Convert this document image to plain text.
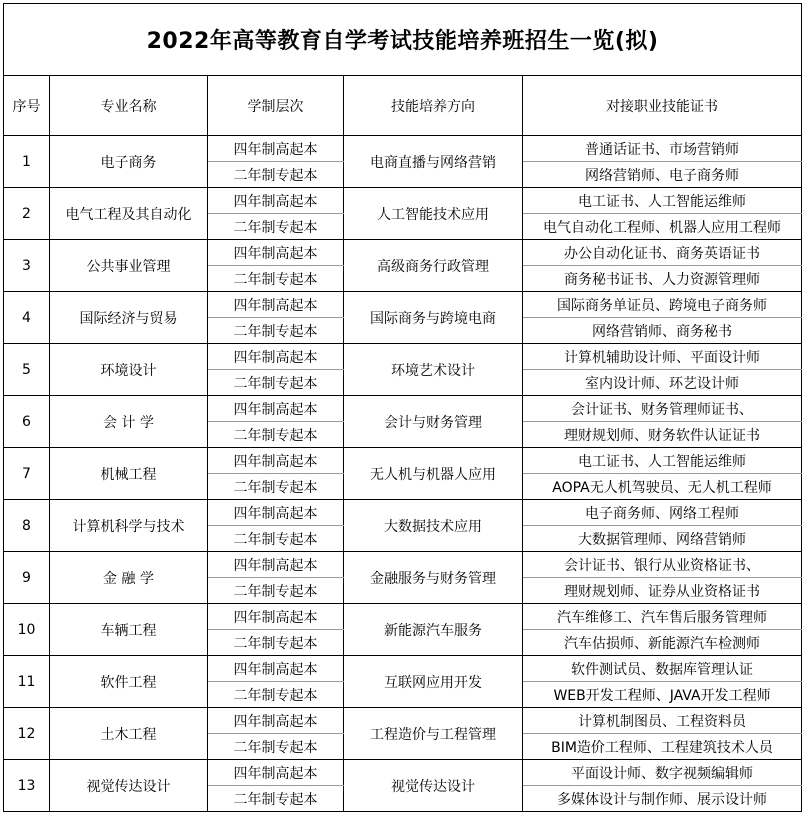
2022年高等教育自学考试技能培养班招生一览(拟)				
序号	专业名称	学制层次	技能培养方向	对接职业技能证书
1	电子商务	四年制高起本	电商直播与网络营销	普通话证书、市场营销师
		二年制专起本		网络营销师、电子商务师
2	电气工程及其自动化	四年制高起本	人工智能技术应用	电工证书、人工智能运维师
		二年制专起本		电气自动化工程师、机器人应用工程师
3	公共事业管理	四年制高起本	高级商务行政管理	办公自动化证书、商务英语证书
		二年制专起本		商务秘书证书、人力资源管理师
4	国际经济与贸易	四年制高起本	国际商务与跨境电商	国际商务单证员、跨境电子商务师
		二年制专起本		网络营销师、商务秘书
5	环境设计	四年制高起本	环境艺术设计	计算机辅助设计师、平面设计师
		二年制专起本		室内设计师、环艺设计师
6	会 计 学	四年制高起本	会计与财务管理	会计证书、财务管理师证书、
		二年制专起本		理财规划师、财务软件认证证书
7	机械工程	四年制高起本	无人机与机器人应用	电工证书、人工智能运维师
		二年制专起本		AOPA无人机驾驶员、无人机工程师
8	计算机科学与技术	四年制高起本	大数据技术应用	电子商务师、网络工程师
		二年制专起本		大数据管理师、网络营销师
9	金 融 学	四年制高起本	金融服务与财务管理	会计证书、银行从业资格证书、
		二年制专起本		理财规划师、证券从业资格证书
10	车辆工程	四年制高起本	新能源汽车服务	汽车维修工、汽车售后服务管理师
		二年制专起本		汽车估损师、新能源汽车检测师
11	软件工程	四年制高起本	互联网应用开发	软件测试员、数据库管理认证
		二年制专起本		WEB开发工程师、JAVA开发工程师
12	土木工程	四年制高起本	工程造价与工程管理	计算机制图员、工程资料员
		二年制专起本		BIM造价工程师、工程建筑技术人员
13	视觉传达设计	四年制高起本	视觉传达设计	平面设计师、数字视频编辑师
		二年制专起本		多媒体设计与制作师、展示设计师
